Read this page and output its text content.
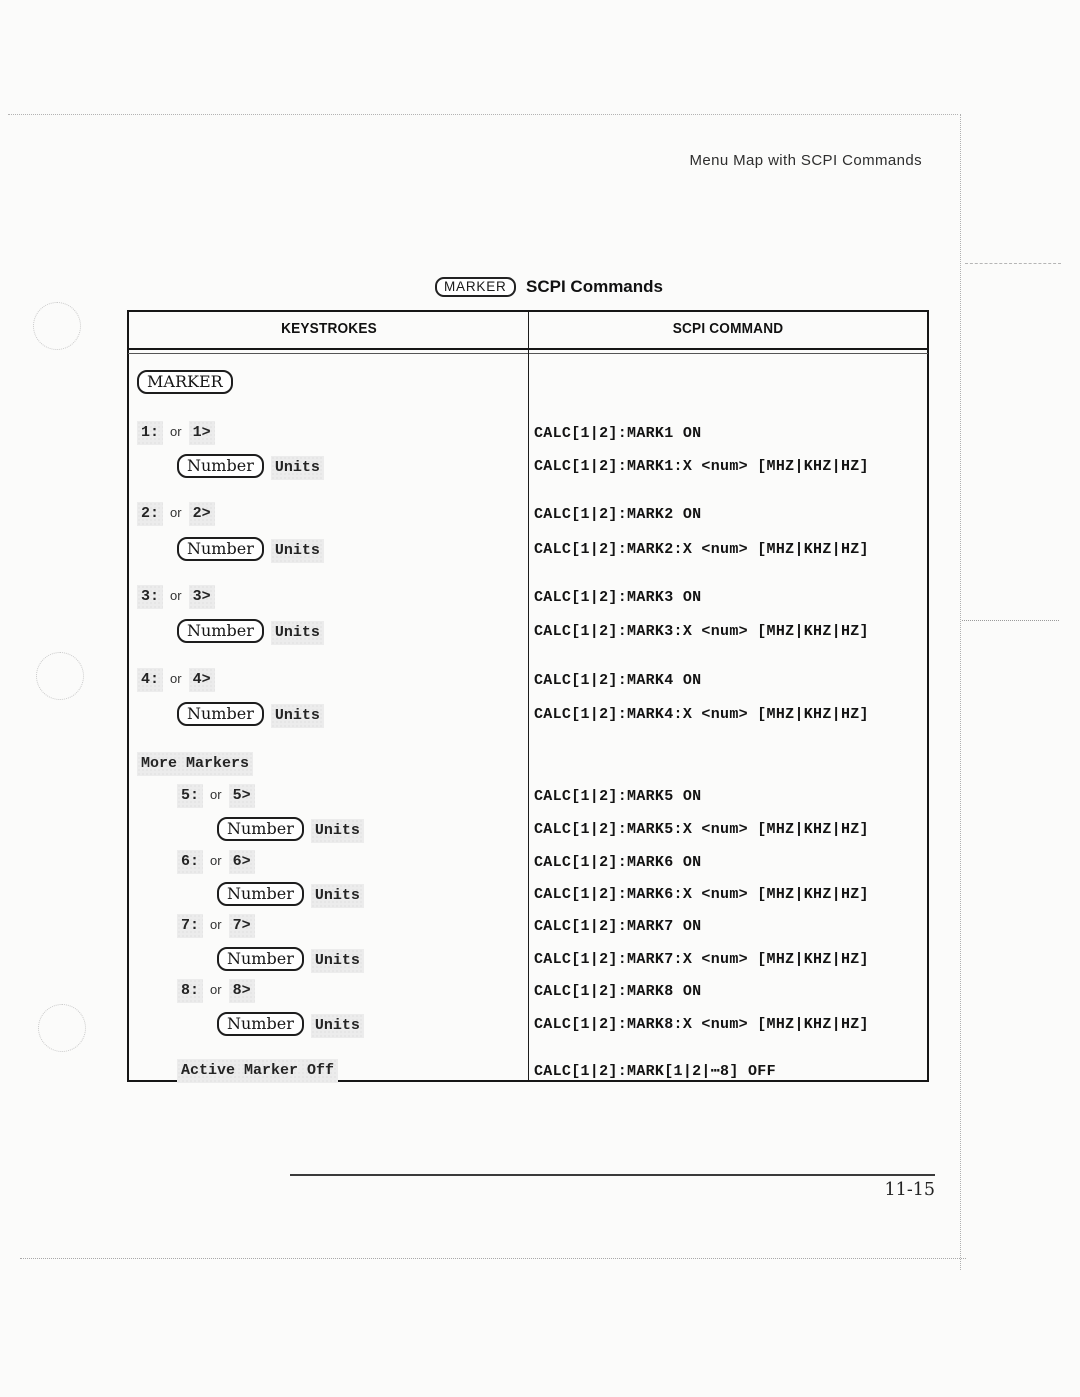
Menu Map with SCPI Commands
MARKER SCPI Commands
KEYSTROKES	SCPI COMMAND
MARKER
1: or 1>	CALC[1|2]:MARK1 ON
Number Units	CALC[1|2]:MARK1:X <num> [MHZ|KHZ|HZ]
2: or 2>	CALC[1|2]:MARK2 ON
Number Units	CALC[1|2]:MARK2:X <num> [MHZ|KHZ|HZ]
3: or 3>	CALC[1|2]:MARK3 ON
Number Units	CALC[1|2]:MARK3:X <num> [MHZ|KHZ|HZ]
4: or 4>	CALC[1|2]:MARK4 ON
Number Units	CALC[1|2]:MARK4:X <num> [MHZ|KHZ|HZ]
More Markers
5: or 5>	CALC[1|2]:MARK5 ON
Number Units	CALC[1|2]:MARK5:X <num> [MHZ|KHZ|HZ]
6: or 6>	CALC[1|2]:MARK6 ON
Number Units	CALC[1|2]:MARK6:X <num> [MHZ|KHZ|HZ]
7: or 7>	CALC[1|2]:MARK7 ON
Number Units	CALC[1|2]:MARK7:X <num> [MHZ|KHZ|HZ]
8: or 8>	CALC[1|2]:MARK8 ON
Number Units	CALC[1|2]:MARK8:X <num> [MHZ|KHZ|HZ]
Active Marker Off	CALC[1|2]:MARK[1|2|⋯8] OFF
11-15
